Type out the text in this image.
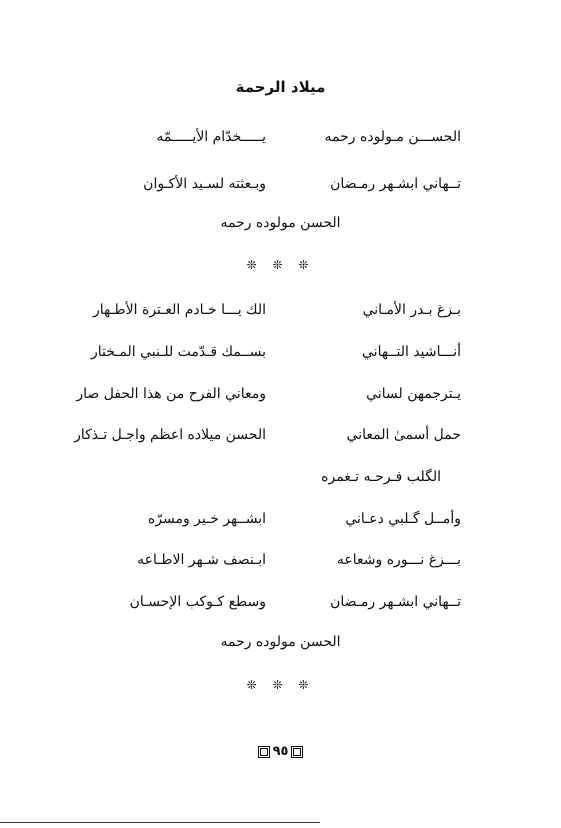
ميلاد الرحمة
يـــــخدّام الأيـــــمّه	الحســـن مـولوده رحمه
وبـعثته لسـيد الأكـوان	تــهاني ابشـهر رمـضان
الحسن مولوده رحمه
❊ ❊ ❊
الك يـــا خـادم العـترة الأطـهار	بـزغ بـدر الأمـاني
بســمك قـدّمت للـنبي المـختار	أنـــاشيد التــهاني
ومعاني الفرح من هذا الحفل صار	يـترجمهن لساني
الحسن ميلاده اعظم واجـل تـذكار	حمل أسمىٰ المعاني
الگلب فـرحـه تـغمره
ابشــهر خـير ومسرّه	وأمــل گـلبي دعـاني
ابـنصف شـهر الاطـاعه	بـــزغ نـــوره وشعاعه
وسطع كـوكب الإحسـان	تــهاني ابشـهر رمـضان
الحسن مولوده رحمه
❊ ❊ ❊
٩٥
